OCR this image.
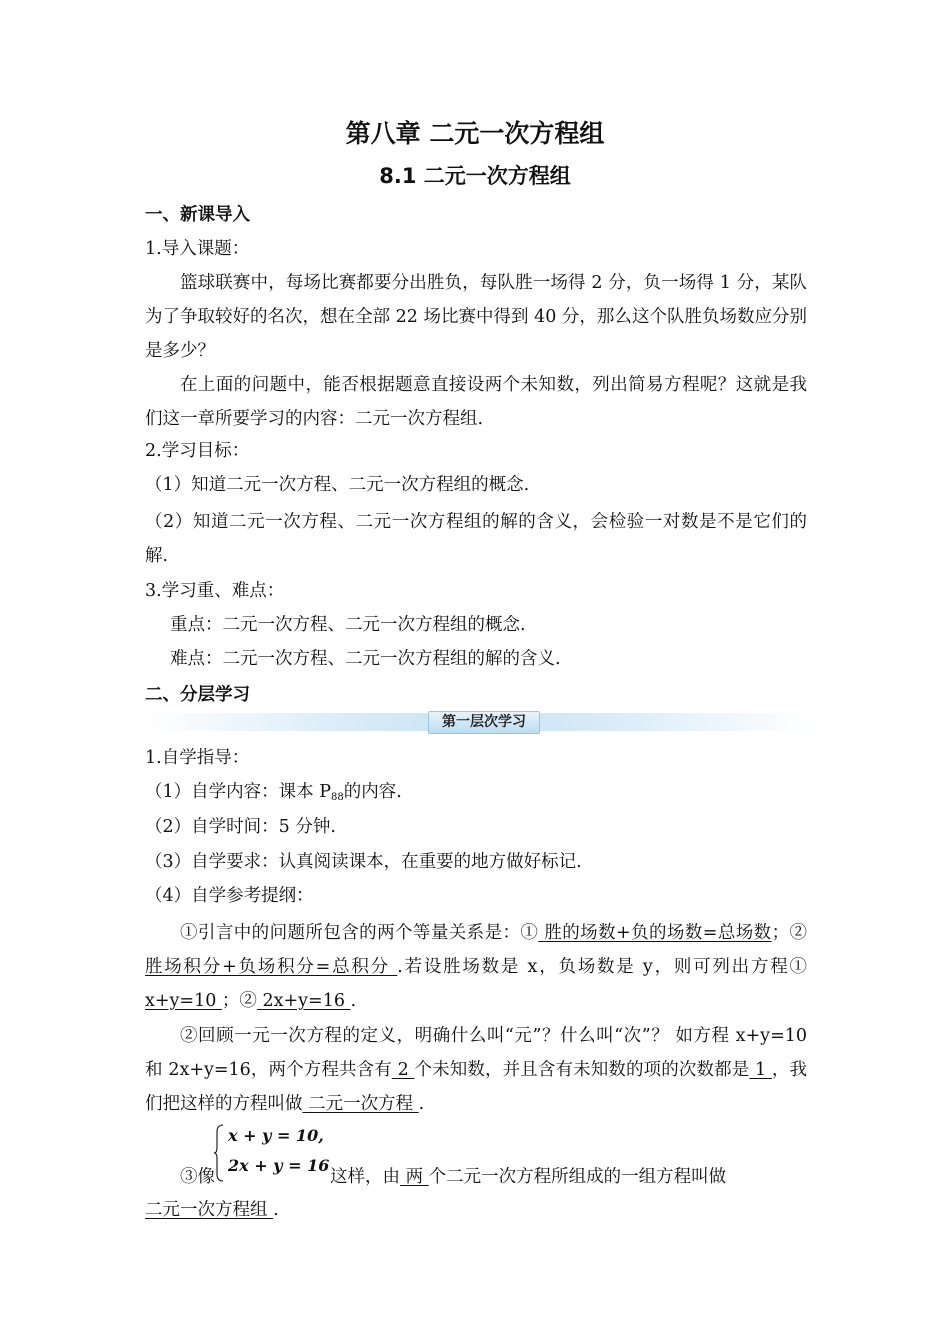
第八章 二元一次方程组
8.1 二元一次方程组
一、新课导入
1.导入课题：
篮球联赛中，每场比赛都要分出胜负，每队胜一场得 2 分，负一场得 1 分，某队为了争取较好的名次，想在全部 22 场比赛中得到 40 分，那么这个队胜负场数应分别是多少？
在上面的问题中，能否根据题意直接设两个未知数，列出简易方程呢？这就是我们这一章所要学习的内容：二元一次方程组.
2.学习目标：
（1）知道二元一次方程、二元一次方程组的概念.
（2）知道二元一次方程、二元一次方程组的解的含义，会检验一对数是不是它们的解.
3.学习重、难点：
重点：二元一次方程、二元一次方程组的概念.
难点：二元一次方程、二元一次方程组的解的含义.
二、分层学习
第一层次学习
1.自学指导：
（1）自学内容：课本 $P_{88}$的内容.
（2）自学时间：5 分钟.
（3）自学要求：认真阅读课本，在重要的地方做好标记.
（4）自学参考提纲：
①引言中的问题所包含的两个等量关系是：① 胜的场数+负的场数=总场数；② 胜场积分+负场积分=总积分 .若设胜场数是 x，负场数是 y，则可列出方程① x+y=10 ；② 2x+y=16 .
②回顾一元一次方程的定义，明确什么叫“元”？什么叫“次”？ 如方程 x+y=10 和 2x+y=16，两个方程共含有 2 个未知数，并且含有未知数的项的次数都是 1 ，我们把这样的方程叫做 二元一次方程 .
x + y = 10,
2x + y = 16
③像	这样，由 两 个二元一次方程所组成的一组方程叫做
二元一次方程组 .
